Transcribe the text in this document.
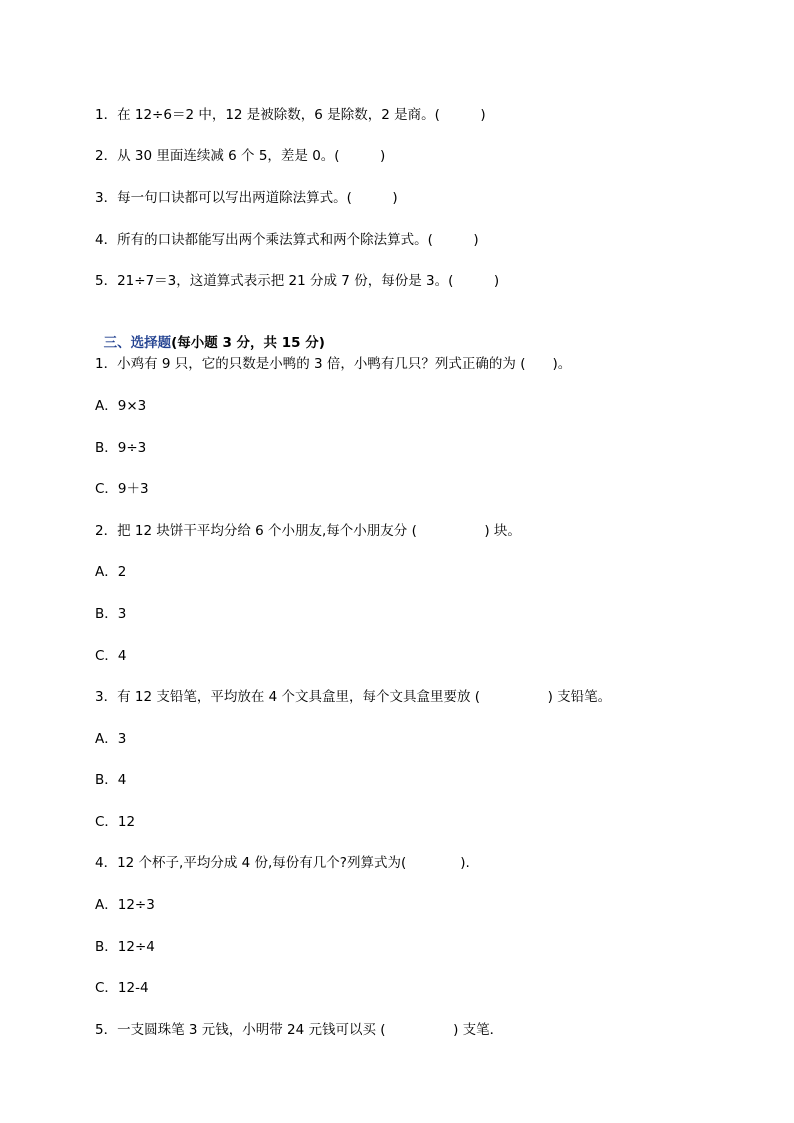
1．在 12÷6＝2 中，12 是被除数，6 是除数，2 是商。(　　　)
2．从 30 里面连续减 6 个 5，差是 0。(　　　)
3．每一句口诀都可以写出两道除法算式。(　　　)
4．所有的口诀都能写出两个乘法算式和两个除法算式。(　　　)
5．21÷7＝3，这道算式表示把 21 分成 7 份，每份是 3。(　　　)

三、选择题(每小题 3 分，共 15 分)

1．小鸡有 9 只，它的只数是小鸭的 3 倍，小鸭有几只？列式正确的为 (　　)。
A．9×3
B．9÷3
C．9＋3
2．把 12 块饼干平均分给 6 个小朋友,每个小朋友分 (　　　　　) 块。
A．2
B．3
C．4
3．有 12 支铅笔，平均放在 4 个文具盒里，每个文具盒里要放 (　　　　　) 支铅笔。
A．3
B．4
C．12
4．12 个杯子,平均分成 4 份,每份有几个?列算式为(　　　　).
A．12÷3
B．12÷4
C．12-4
5．一支圆珠笔 3 元钱，小明带 24 元钱可以买 (　　　　　) 支笔．
